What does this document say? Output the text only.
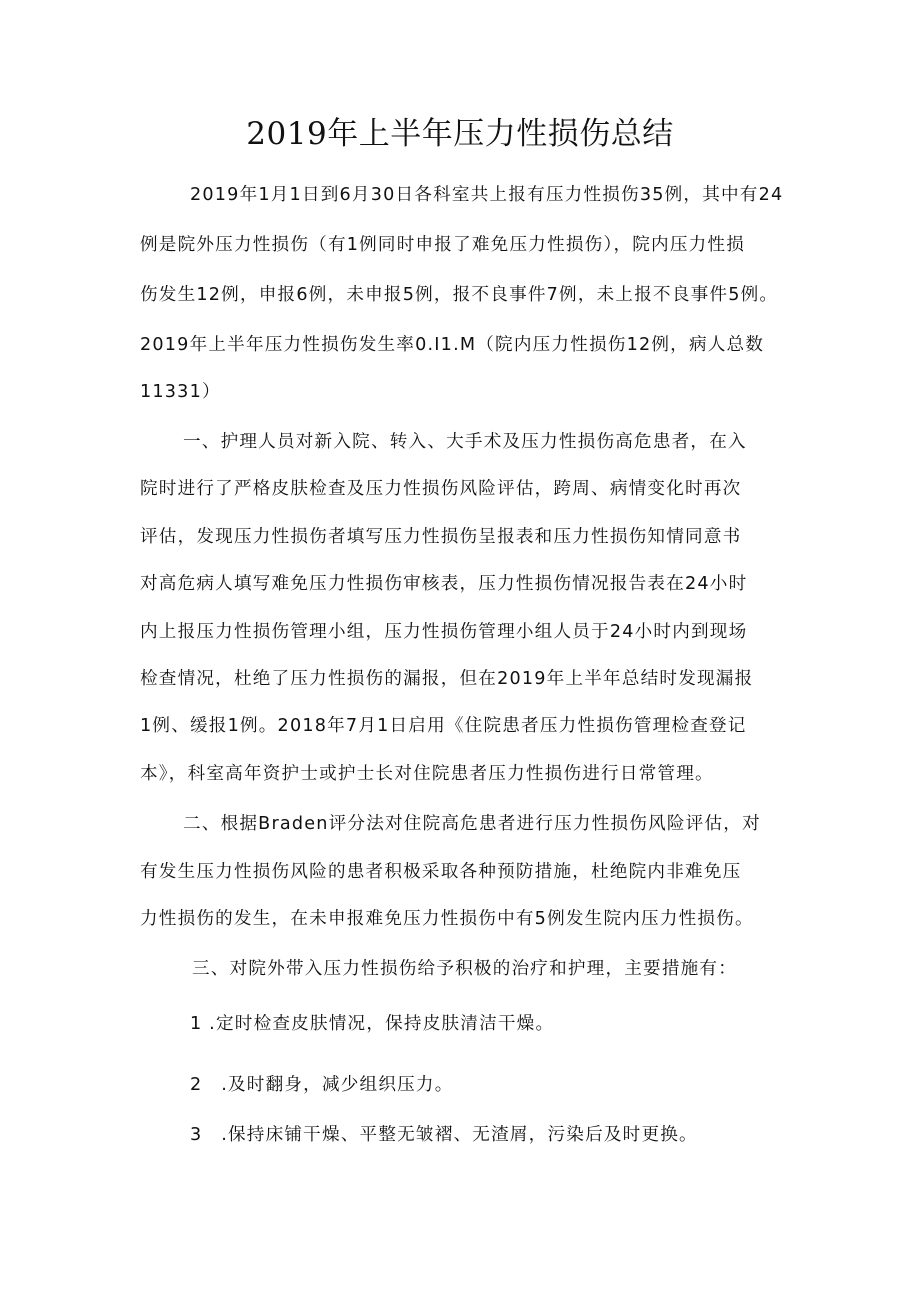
2019年上半年压力性损伤总结
2019年1月1日到6月30日各科室共上报有压力性损伤35例，其中有24
例是院外压力性损伤（有1例同时申报了难免压力性损伤），院内压力性损
伤发生12例，申报6例，未申报5例，报不良事件7例，未上报不良事件5例。
2019年上半年压力性损伤发生率0.I1.M（院内压力性损伤12例，病人总数
11331）
一、护理人员对新入院、转入、大手术及压力性损伤高危患者，在入
院时进行了严格皮肤检查及压力性损伤风险评估，跨周、病情变化时再次
评估，发现压力性损伤者填写压力性损伤呈报表和压力性损伤知情同意书
对高危病人填写难免压力性损伤审核表，压力性损伤情况报告表在24小时
内上报压力性损伤管理小组，压力性损伤管理小组人员于24小时内到现场
检查情况，杜绝了压力性损伤的漏报，但在2019年上半年总结时发现漏报
1例、缓报1例。2018年7月1日启用《住院患者压力性损伤管理检查登记
本》，科室高年资护士或护士长对住院患者压力性损伤进行日常管理。
二、根据Braden评分法对住院高危患者进行压力性损伤风险评估，对
有发生压力性损伤风险的患者积极采取各种预防措施，杜绝院内非难免压
力性损伤的发生，在未申报难免压力性损伤中有5例发生院内压力性损伤。
三、对院外带入压力性损伤给予积极的治疗和护理，主要措施有：
1 .定时检查皮肤情况，保持皮肤清洁干燥。
2　.及时翻身，减少组织压力。
3　.保持床铺干燥、平整无皱褶、无渣屑，污染后及时更换。
